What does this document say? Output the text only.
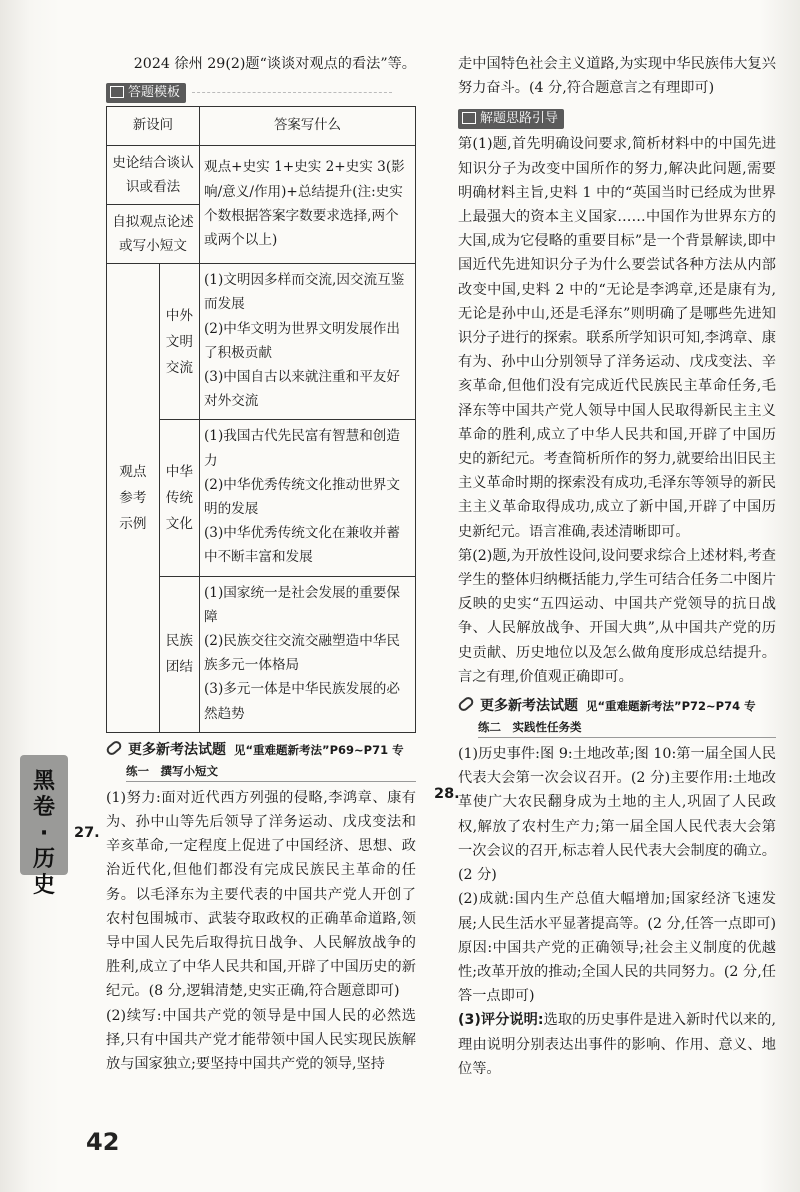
黑卷·历史

2024 徐州 29(2)题“谈谈对观点的看法”等。

答题模板
新设问		答案写什么
史论结合谈认识或看法		观点+史实 1+史实 2+史实 3(影响/意义/作用)+总结提升(注:史实个数根据答案字数要求选择,两个或两个以上)
自拟观点论述或写小短文		

观点参考示例	中外文明交流	(1)文明因多样而交流,因交流互鉴而发展
(2)中华文明为世界文明发展作出了积极贡献
(3)中国自古以来就注重和平友好对外交流

	中华传统文化	(1)我国古代先民富有智慧和创造力
(2)中华优秀传统文化推动世界文明的发展
(3)中华优秀传统文化在兼收并蓄中不断丰富和发展

	民族团结	(1)国家统一是社会发展的重要保障
(2)民族交往交流交融塑造中华民族多元一体格局
(3)多元一体是中华民族发展的必然趋势
更多新考法试题 见“重难题新考法”P69~P71 专
练一　撰写小短文

(1)努力:面对近代西方列强的侵略,李鸿章、康有为、孙中山等先后领导了洋务运动、戊戌变法和辛亥革命,一定程度上促进了中国经济、思想、政治近代化,但他们都没有完成民族民主革命的任务。以毛泽东为主要代表的中国共产党人开创了农村包围城市、武装夺取政权的正确革命道路,领导中国人民先后取得抗日战争、人民解放战争的胜利,成立了中华人民共和国,开辟了中国历史的新纪元。(8 分,逻辑清楚,史实正确,符合题意即可)

(2)续写:中国共产党的领导是中国人民的必然选择,只有中国共产党才能带领中国人民实现民族解放与国家独立;要坚持中国共产党的领导,坚持

27.

走中国特色社会主义道路,为实现中华民族伟大复兴努力奋斗。(4 分,符合题意言之有理即可)

解题思路引导

第(1)题,首先明确设问要求,简析材料中的中国先进知识分子为改变中国所作的努力,解决此问题,需要明确材料主旨,史料 1 中的“英国当时已经成为世界上最强大的资本主义国家……中国作为世界东方的大国,成为它侵略的重要目标”是一个背景解读,即中国近代先进知识分子为什么要尝试各种方法从内部改变中国,史料 2 中的“无论是李鸿章,还是康有为,无论是孙中山,还是毛泽东”则明确了是哪些先进知识分子进行的探索。联系所学知识可知,李鸿章、康有为、孙中山分别领导了洋务运动、戊戌变法、辛亥革命,但他们没有完成近代民族民主革命任务,毛泽东等中国共产党人领导中国人民取得新民主主义革命的胜利,成立了中华人民共和国,开辟了中国历史的新纪元。考查简析所作的努力,就要给出旧民主主义革命时期的探索没有成功,毛泽东等领导的新民主主义革命取得成功,成立了新中国,开辟了中国历史新纪元。语言准确,表述清晰即可。

第(2)题,为开放性设问,设问要求综合上述材料,考查学生的整体归纳概括能力,学生可结合任务二中图片反映的史实“五四运动、中国共产党领导的抗日战争、人民解放战争、开国大典”,从中国共产党的历史贡献、历史地位以及怎么做角度形成总结提升。言之有理,价值观正确即可。

更多新考法试题 见“重难题新考法”P72~P74 专
练二　实践性任务类

(1)历史事件:图 9:土地改革;图 10:第一届全国人民代表大会第一次会议召开。(2 分)主要作用:土地改革使广大农民翻身成为土地的主人,巩固了人民政权,解放了农村生产力;第一届全国人民代表大会第一次会议的召开,标志着人民代表大会制度的确立。(2 分)

(2)成就:国内生产总值大幅增加;国家经济飞速发展;人民生活水平显著提高等。(2 分,任答一点即可)原因:中国共产党的正确领导;社会主义制度的优越性;改革开放的推动;全国人民的共同努力。(2 分,任答一点即可)

(3)评分说明:选取的历史事件是进入新时代以来的,理由说明分别表达出事件的影响、作用、意义、地位等。

28.
42
